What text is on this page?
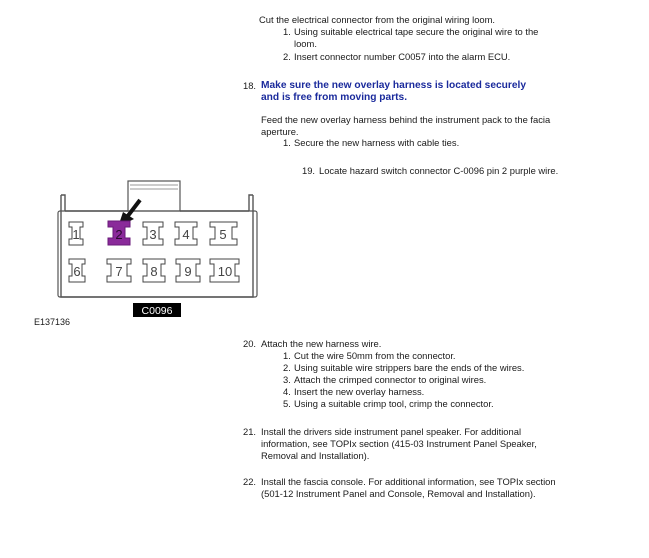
Cut the electrical connector from the original wiring loom.
1. Using suitable electrical tape secure the original wire to the
loom.
2. Insert connector number C0057 into the alarm ECU.
18. Make sure the new overlay harness is located securely
and is free from moving parts.
Feed the new overlay harness behind the instrument pack to the facia
aperture.
1. Secure the new harness with cable ties.
19. Locate hazard switch connector C-0096 pin 2 purple wire.
1	2 3 4 5
6	7 8 9 10
C0096
E137136
20. Attach the new harness wire.
1. Cut the wire 50mm from the connector.
2. Using suitable wire strippers bare the ends of the wires.
3. Attach the crimped connector to original wires.
4. Insert the new overlay harness.
5. Using a suitable crimp tool, crimp the connector.
21. Install the drivers side instrument panel speaker. For additional
information, see TOPIx section (415-03 Instrument Panel Speaker,
Removal and Installation).
22. Install the fascia console. For additional information, see TOPIx section
(501-12 Instrument Panel and Console, Removal and Installation).
